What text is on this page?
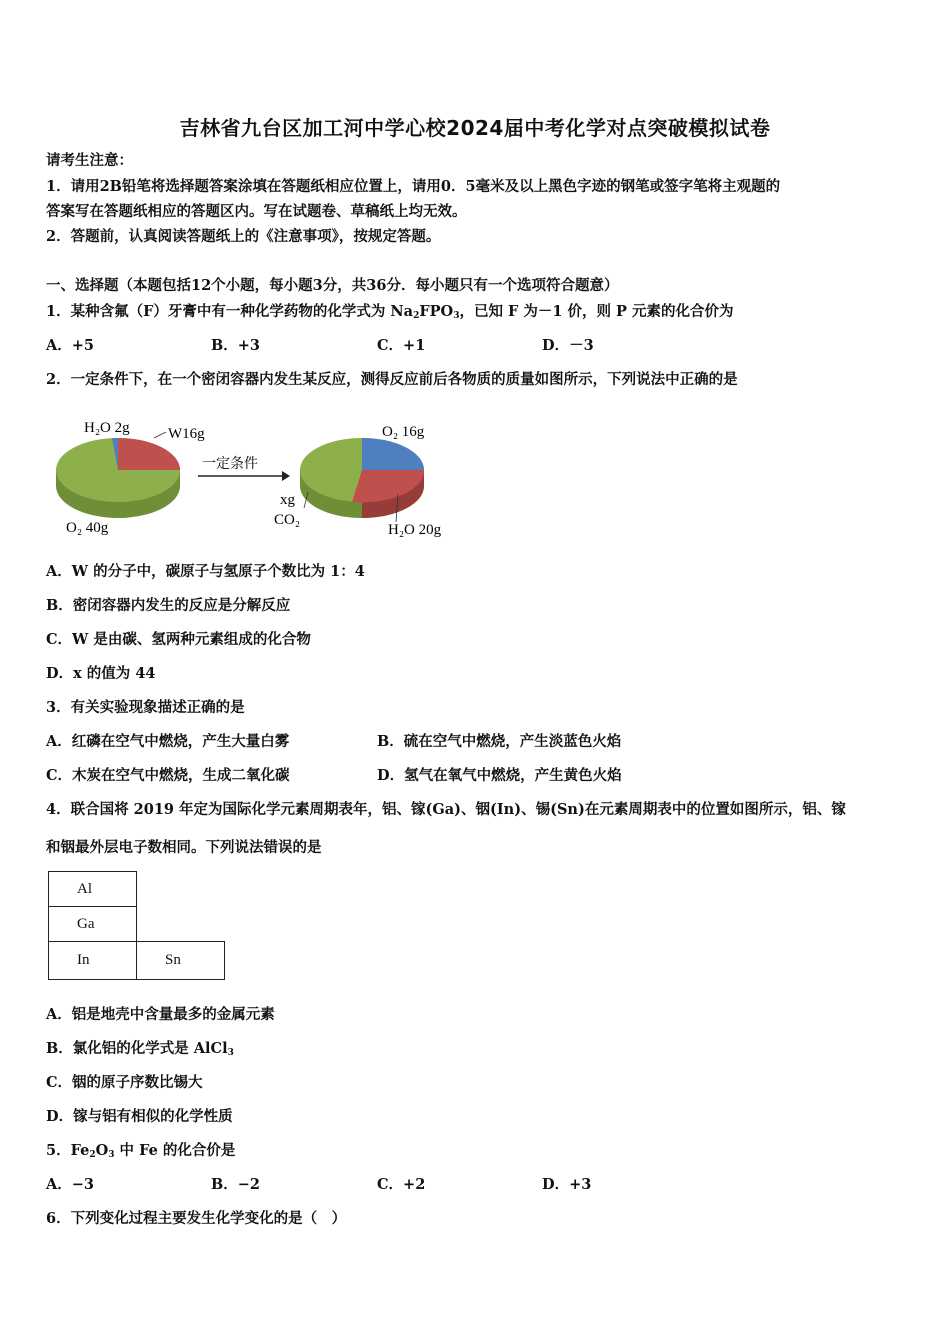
吉林省九台区加工河中学心校2024届中考化学对点突破模拟试卷
请考生注意：
1．请用2B铅笔将选择题答案涂填在答题纸相应位置上，请用0．5毫米及以上黑色字迹的钢笔或签字笔将主观题的
答案写在答题纸相应的答题区内。写在试题卷、草稿纸上均无效。
2．答题前，认真阅读答题纸上的《注意事项》，按规定答题。
一、选择题（本题包括12个小题，每小题3分，共36分．每小题只有一个选项符合题意）
1．某种含氟（F）牙膏中有一种化学药物的化学式为 $Na_2FPO_3$，已知 F 为－1 价，则 P 元素的化合价为
A．+5	B．+3	C．+1	D．－3
2．一定条件下，在一个密闭容器内发生某反应，测得反应前后各物质的质量如图所示，下列说法中正确的是
H₂O 2g	W16g
O₂ 40g
一定条件
O₂ 16g
xg
CO₂
H₂O 20g
A．W 的分子中，碳原子与氢原子个数比为 1：4
B．密闭容器内发生的反应是分解反应
C．W 是由碳、氢两种元素组成的化合物
D．x 的值为 44
3．有关实验现象描述正确的是
A．红磷在空气中燃烧，产生大量白雾	B．硫在空气中燃烧，产生淡蓝色火焰
C．木炭在空气中燃烧，生成二氧化碳	D．氢气在氧气中燃烧，产生黄色火焰
4．联合国将 2019 年定为国际化学元素周期表年，铝、镓(Ga)、铟(In)、锡(Sn)在元素周期表中的位置如图所示，铝、镓
和铟最外层电子数相同。下列说法错误的是
Al	
Ga	
In	Sn
A．铝是地壳中含量最多的金属元素
B．氯化铝的化学式是 AlCl$_3$
C．铟的原子序数比锡大
D．镓与铝有相似的化学性质
5．$Fe_2O_3$ 中 Fe 的化合价是
A．−3	B．−2	C．+2	D．+3
6．下列变化过程主要发生化学变化的是（　）
